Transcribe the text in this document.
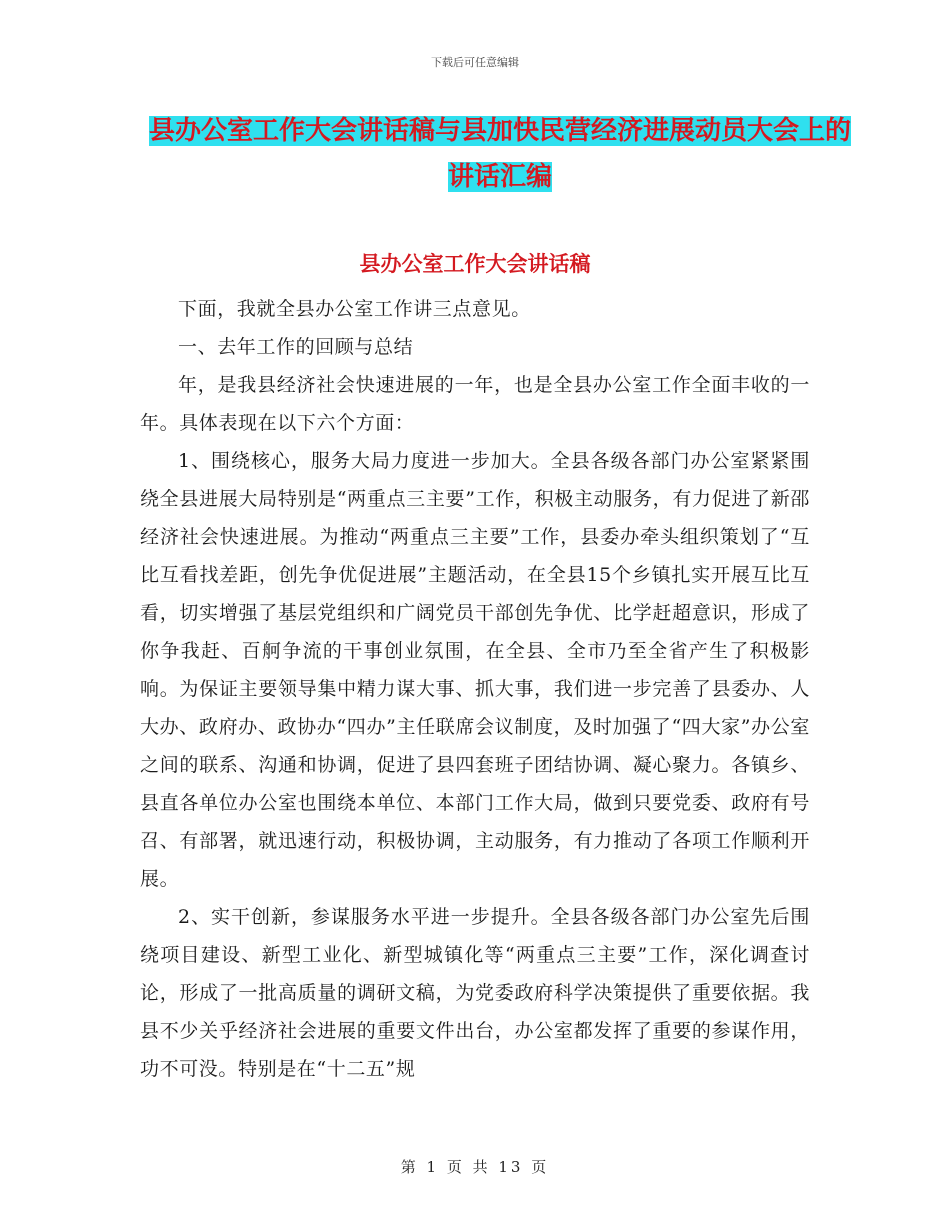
下载后可任意编辑
县办公室工作大会讲话稿与县加快民营经济进展动员大会上的讲话汇编
县办公室工作大会讲话稿

下面，我就全县办公室工作讲三点意见。

一、去年工作的回顾与总结

年，是我县经济社会快速进展的一年，也是全县办公室工作全面丰收的一年。具体表现在以下六个方面：

1、围绕核心，服务大局力度进一步加大。全县各级各部门办公室紧紧围绕全县进展大局特别是“两重点三主要”工作，积极主动服务，有力促进了新邵经济社会快速进展。为推动“两重点三主要”工作，县委办牵头组织策划了“互比互看找差距，创先争优促进展”主题活动，在全县15个乡镇扎实开展互比互看，切实增强了基层党组织和广阔党员干部创先争优、比学赶超意识，形成了你争我赶、百舸争流的干事创业氛围，在全县、全市乃至全省产生了积极影响。为保证主要领导集中精力谋大事、抓大事，我们进一步完善了县委办、人大办、政府办、政协办“四办”主任联席会议制度，及时加强了“四大家”办公室之间的联系、沟通和协调，促进了县四套班子团结协调、凝心聚力。各镇乡、县直各单位办公室也围绕本单位、本部门工作大局，做到只要党委、政府有号召、有部署，就迅速行动，积极协调，主动服务，有力推动了各项工作顺利开展。

2、实干创新，参谋服务水平进一步提升。全县各级各部门办公室先后围绕项目建设、新型工业化、新型城镇化等“两重点三主要”工作，深化调查讨论，形成了一批高质量的调研文稿，为党委政府科学决策提供了重要依据。我县不少关乎经济社会进展的重要文件出台，办公室都发挥了重要的参谋作用，功不可没。特别是在“十二五”规

第 1 页 共 13 页
